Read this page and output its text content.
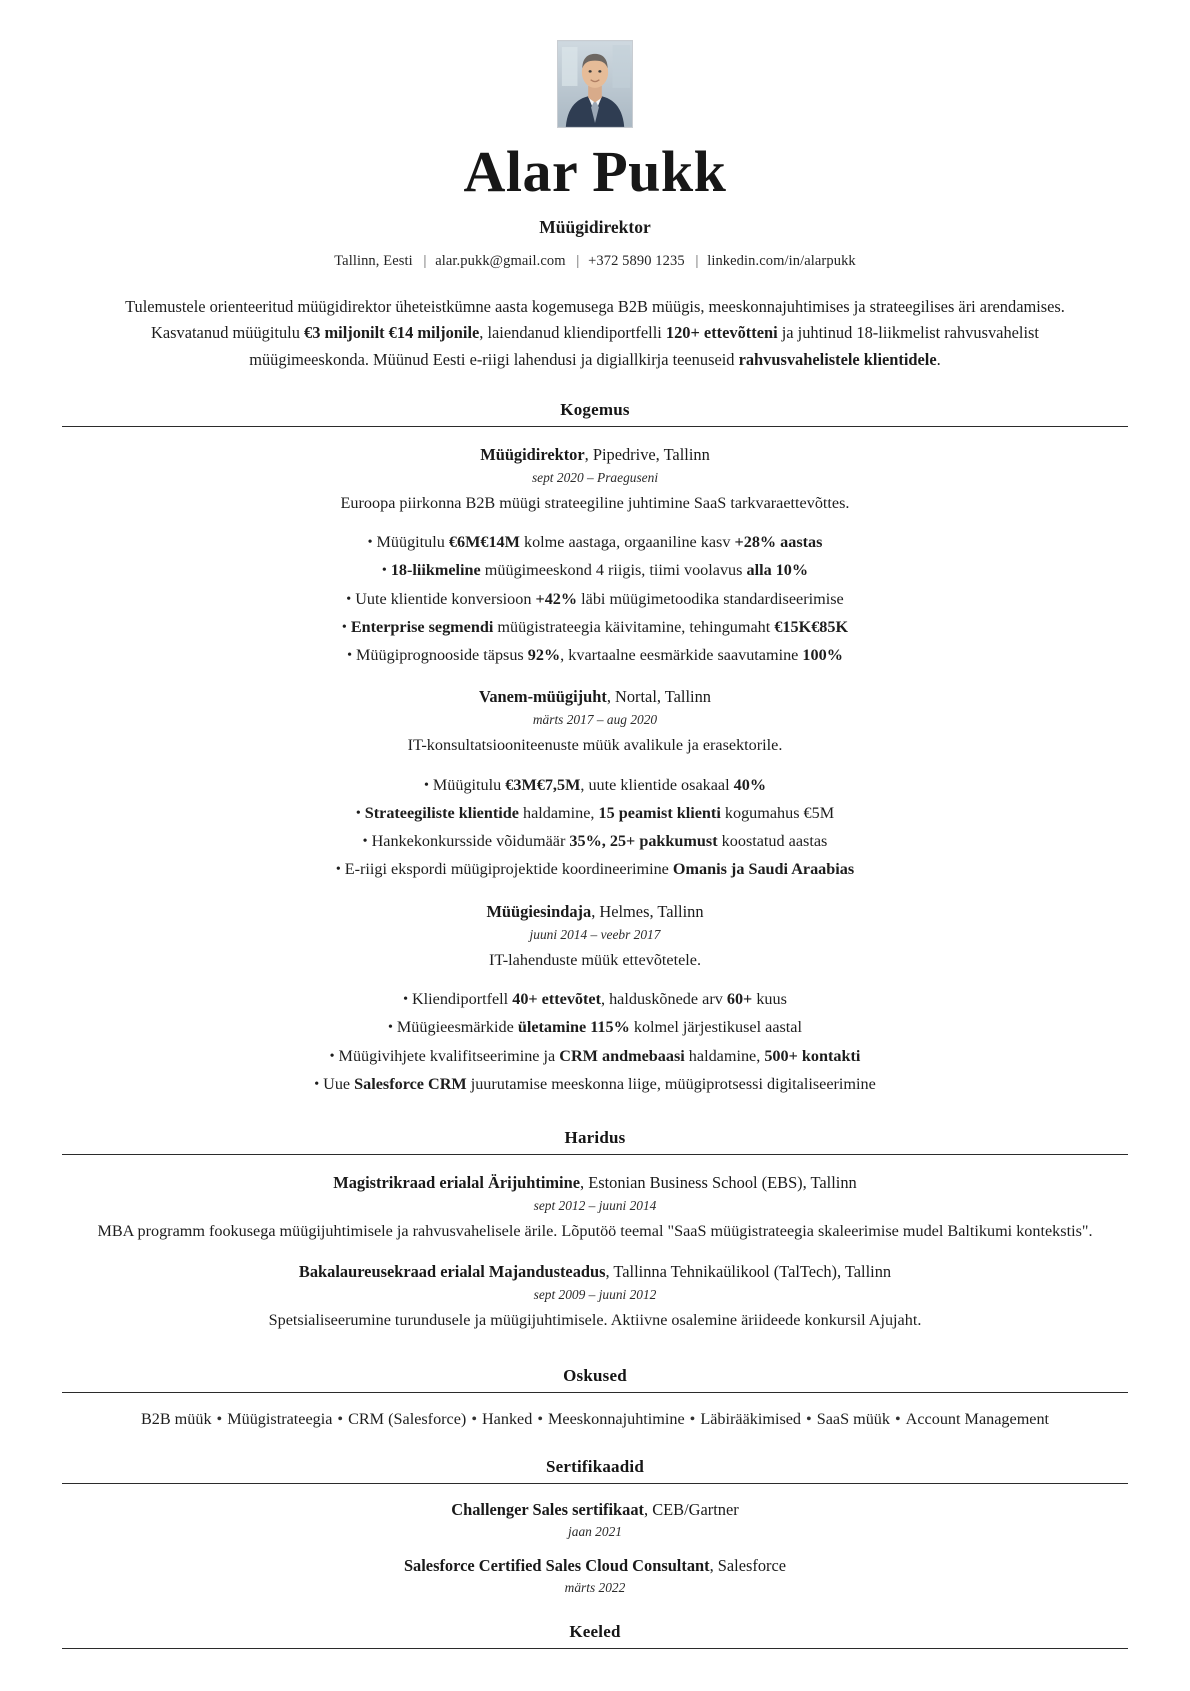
Alar Pukk
Müügidirektor
Tallinn, Eesti | alar.pukk@gmail.com | +372 5890 1235 | linkedin.com/in/alarpukk

Tulemustele orienteeritud müügidirektor üheteistkümne aasta kogemusega B2B müügis, meeskonnajuhtimises ja strateegilises äri arendamises. Kasvatanud müügitulu €3 miljonilt €14 miljonile, laiendanud kliendiportfelli 120+ ettevõtteni ja juhtinud 18-liikmelist rahvusvahelist müügimeeskonda. Müünud Eesti e-riigi lahendusi ja digiallkirja teenuseid rahvusvahelistele klientidele.

Kogemus
Müügidirektor, Pipedrive, Tallinn
sept 2020 – Praeguseni
Euroopa piirkonna B2B müügi strateegiline juhtimine SaaS tarkvaraettevõttes.
• Müügitulu €6M€14M kolme aastaga, orgaaniline kasv +28% aastas
• 18-liikmeline müügimeeskond 4 riigis, tiimi voolavus alla 10%
• Uute klientide konversioon +42% läbi müügimetoodika standardiseerimise
• Enterprise segmendi müügistrateegia käivitamine, tehingumaht €15K€85K
• Müügiprognooside täpsus 92%, kvartaalne eesmärkide saavutamine 100%
Vanem-müügijuht, Nortal, Tallinn
märts 2017 – aug 2020
IT-konsultatsiooniteenuste müük avalikule ja erasektorile.
• Müügitulu €3M€7,5M, uute klientide osakaal 40%
• Strateegiliste klientide haldamine, 15 peamist klienti kogumahus €5M
• Hankekonkursside võidumäär 35%, 25+ pakkumust koostatud aastas
• E-riigi ekspordi müügiprojektide koordineerimine Omanis ja Saudi Araabias
Müügiesindaja, Helmes, Tallinn
juuni 2014 – veebr 2017
IT-lahenduste müük ettevõtetele.
• Kliendiportfell 40+ ettevõtet, halduskõnede arv 60+ kuus
• Müügieesmärkide ületamine 115% kolmel järjestikusel aastal
• Müügivihjete kvalifitseerimine ja CRM andmebaasi haldamine, 500+ kontakti
• Uue Salesforce CRM juurutamise meeskonna liige, müügiprotsessi digitaliseerimine
Haridus
Magistrikraad erialal Ärijuhtimine, Estonian Business School (EBS), Tallinn
sept 2012 – juuni 2014
MBA programm fookusega müügijuhtimisele ja rahvusvahelisele ärile. Lõputöö teemal "SaaS müügistrateegia skaleerimise mudel Baltikumi kontekstis".
Bakalaureusekraad erialal Majandusteadus, Tallinna Tehnikaülikool (TalTech), Tallinn
sept 2009 – juuni 2012
Spetsialiseerumine turundusele ja müügijuhtimisele. Aktiivne osalemine äriideede konkursil Ajujaht.
Oskused
B2B müük • Müügistrateegia • CRM (Salesforce) • Hanked • Meeskonnajuhtimine • Läbirääkimised • SaaS müük • Account Management
Sertifikaadid
Challenger Sales sertifikaat, CEB/Gartner
jaan 2021
Salesforce Certified Sales Cloud Consultant, Salesforce
märts 2022
Keeled
